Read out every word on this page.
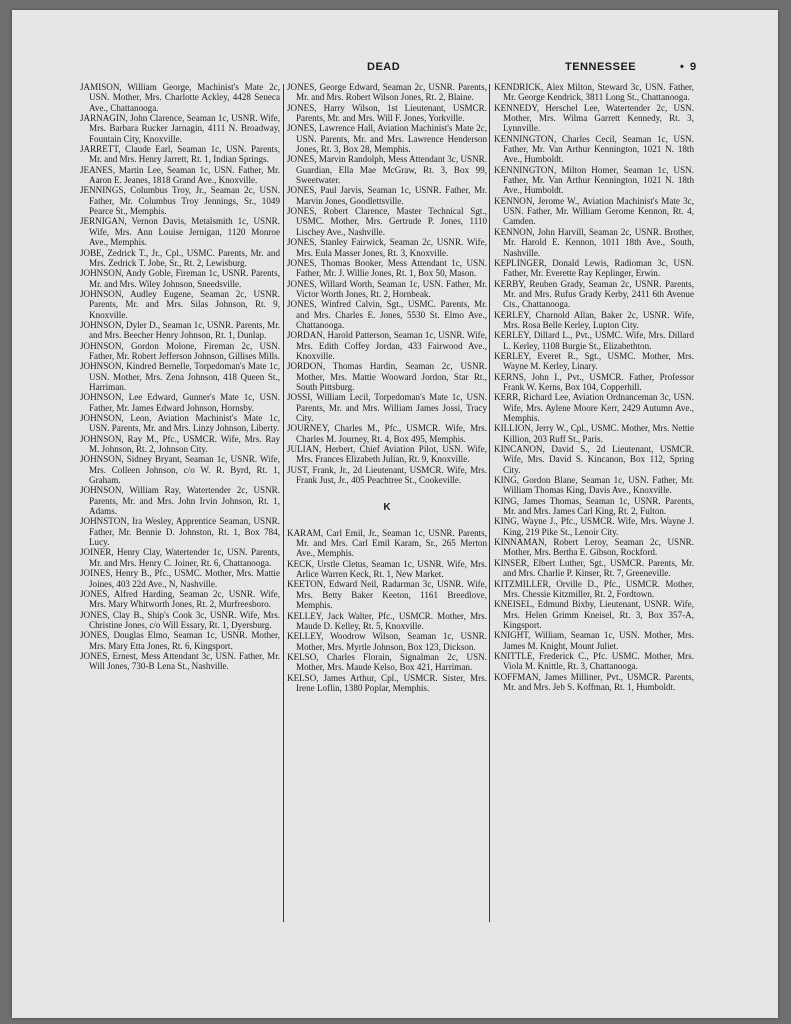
DEAD	TENNESSEE	• 9

JAMISON, William George, Machinist's Mate 2c, USN. Mother, Mrs. Charlotte Ackley, 4428 Seneca Ave., Chattanooga.

JARNAGIN, John Clarence, Seaman 1c, USNR. Wife, Mrs. Barbara Rucker Jarnagin, 4111 N. Broadway, Fountain City, Knoxville.

JARRETT, Claude Earl, Seaman 1c, USN. Parents, Mr. and Mrs. Henry Jarrett, Rt. 1, Indian Springs.

JEANES, Martin Lee, Seaman 1c, USN. Father, Mr. Aaron E. Jeanes, 1818 Grand Ave., Knoxville.

JENNINGS, Columbus Troy, Jr., Seaman 2c, USN. Father, Mr. Columbus Troy Jennings, Sr., 1049 Pearce St., Memphis.

JERNIGAN, Vernon Davis, Metalsmith 1c, USNR. Wife, Mrs. Ann Louise Jernigan, 1120 Monroe Ave., Memphis.

JOBE, Zedrick T., Jr., Cpl., USMC. Parents, Mr. and Mrs. Zedrick T. Jobe, Sr., Rt. 2, Lewisburg.

JOHNSON, Andy Goble, Fireman 1c, USNR. Parents, Mr. and Mrs. Wiley Johnson, Sneedsville.

JOHNSON, Audley Eugene, Seaman 2c, USNR. Parents, Mr. and Mrs. Silas Johnson, Rt. 9, Knoxville.

JOHNSON, Dyler D., Seaman 1c, USNR. Parents, Mr. and Mrs. Beecher Henry Johnson, Rt. 1, Dunlap.

JOHNSON, Gordon Molone, Fireman 2c, USN. Father, Mr. Robert Jefferson Johnson, Gillises Mills.

JOHNSON, Kindred Bernelle, Torpedoman's Mate 1c, USN. Mother, Mrs. Zena Johnson, 418 Queen St., Harriman.

JOHNSON, Lee Edward, Gunner's Mate 1c, USN. Father, Mr. James Edward Johnson, Hornsby.

JOHNSON, Leon, Aviation Machinist's Mate 1c, USN. Parents, Mr. and Mrs. Linzy Johnson, Liberty.

JOHNSON, Ray M., Pfc., USMCR. Wife, Mrs. Ray M. Johnson, Rt. 2, Johnson City.

JOHNSON, Sidney Bryant, Seaman 1c, USNR. Wife, Mrs. Colleen Johnson, c/o W. R. Byrd, Rt. 1, Graham.

JOHNSON, William Ray, Watertender 2c, USNR. Parents, Mr. and Mrs. John Irvin Johnson, Rt. 1, Adams.

JOHNSTON, Ira Wesley, Apprentice Seaman, USNR. Father, Mr. Bennie D. Johnston, Rt. 1, Box 784, Lucy.

JOINER, Henry Clay, Watertender 1c, USN. Parents, Mr. and Mrs. Henry C. Joiner, Rt. 6, Chattanooga.

JOINES, Henry B., Pfc., USMC. Mother, Mrs. Mattie Joines, 403 22d Ave., N, Nashville.

JONES, Alfred Harding, Seaman 2c, USNR. Wife, Mrs. Mary Whitworth Jones, Rt. 2, Murfreesboro.

JONES, Clay B., Ship's Cook 3c, USNR. Wife, Mrs. Christine Jones, c/o Will Essary, Rt. 1, Dyersburg.

JONES, Douglas Elmo, Seaman 1c, USNR. Mother, Mrs. Mary Etta Jones, Rt. 6, Kingsport.

JONES, Ernest, Mess Attendant 3c, USN. Father, Mr. Will Jones, 730-B Lena St., Nashville.

JONES, George Edward, Seaman 2c, USNR. Parents, Mr. and Mrs. Robert Wilson Jones, Rt. 2, Blaine.

JONES, Harry Wilson, 1st Lieutenant, USMCR. Parents, Mr. and Mrs. Will F. Jones, Yorkville.

JONES, Lawrence Hall, Aviation Machinist's Mate 2c, USN. Parents, Mr. and Mrs. Lawrence Henderson Jones, Rt. 3, Box 28, Memphis.

JONES, Marvin Randolph, Mess Attendant 3c, USNR. Guardian, Ella Mae McGraw, Rt. 3, Box 99, Sweetwater.

JONES, Paul Jarvis, Seaman 1c, USNR. Father, Mr. Marvin Jones, Goodlettsville.

JONES, Robert Clarence, Master Technical Sgt., USMC. Mother, Mrs. Gertrude P. Jones, 1110 Lischey Ave., Nashville.

JONES, Stanley Fairwick, Seaman 2c, USNR. Wife, Mrs. Eula Masser Jones, Rt. 3, Knoxville.

JONES, Thomas Booker, Mess Attendant 1c, USN. Father, Mr. J. Willie Jones, Rt. 1, Box 50, Mason.

JONES, Willard Worth, Seaman 1c, USN. Father, Mr. Victor Worth Jones, Rt. 2, Hornbeak.

JONES, Winfred Calvin, Sgt., USMC. Parents, Mr. and Mrs. Charles E. Jones, 5530 St. Elmo Ave., Chattanooga.

JORDAN, Harold Patterson, Seaman 1c, USNR. Wife, Mrs. Edith Coffey Jordan, 433 Fairwood Ave., Knoxville.

JORDON, Thomas Hardin, Seaman 2c, USNR. Mother, Mrs. Mattie Wooward Jordon, Star Rt., South Pittsburg.

JOSSI, William Lecil, Torpedoman's Mate 1c, USN. Parents, Mr. and Mrs. William James Jossi, Tracy City.

JOURNEY, Charles M., Pfc., USMCR. Wife, Mrs. Charles M. Journey, Rt. 4, Box 495, Memphis.

JULIAN, Herbert, Chief Aviation Pilot, USN. Wife, Mrs. Frances Elizabeth Julian, Rt. 9, Knoxville.

JUST, Frank, Jr., 2d Lieutenant, USMCR. Wife, Mrs. Frank Just, Jr., 405 Peachtree St., Cookeville.

K

KARAM, Carl Emil, Jr., Seaman 1c, USNR. Parents, Mr. and Mrs. Carl Emil Karam, Sr., 265 Merton Ave., Memphis.

KECK, Urstle Cletus, Seaman 1c, USNR. Wife, Mrs. Arlice Warren Keck, Rt. 1, New Market.

KEETON, Edward Neil, Radarman 3c, USNR. Wife, Mrs. Betty Baker Keeton, 1161 Breedlove, Memphis.

KELLEY, Jack Walter, Pfc., USMCR. Mother, Mrs. Maude D. Kelley, Rt. 5, Knoxville.

KELLEY, Woodrow Wilson, Seaman 1c, USNR. Mother, Mrs. Myrtle Johnson, Box 123, Dickson.

KELSO, Charles Florain, Signalman 2c, USN. Mother, Mrs. Maude Kelso, Box 421, Harriman.

KELSO, James Arthur, Cpl., USMCR. Sister, Mrs. Irene Loflin, 1380 Poplar, Memphis.

KENDRICK, Alex Milton, Steward 3c, USN. Father, Mr. George Kendrick, 3811 Long St., Chattanooga.

KENNEDY, Herschel Lee, Watertender 2c, USN. Mother, Mrs. Wilma Garrett Kennedy, Rt. 3, Lynnville.

KENNINGTON, Charles Cecil, Seaman 1c, USN. Father, Mr. Van Arthur Kennington, 1021 N. 18th Ave., Humboldt.

KENNINGTON, Milton Homer, Seaman 1c, USN. Father, Mr. Van Arthur Kennington, 1021 N. 18th Ave., Humboldt.

KENNON, Jerome W., Aviation Machinist's Mate 3c, USN. Father, Mr. William Gerome Kennon, Rt. 4, Camden.

KENNON, John Harvill, Seaman 2c, USNR. Brother, Mr. Harold E. Kennon, 1011 18th Ave., South, Nashville.

KEPLINGER, Donald Lewis, Radioman 3c, USN. Father, Mr. Everette Ray Keplinger, Erwin.

KERBY, Reuben Grady, Seaman 2c, USNR. Parents, Mr. and Mrs. Rufus Grady Kerby, 2411 6th Avenue Cts., Chattanooga.

KERLEY, Charnold Allan, Baker 2c, USNR. Wife, Mrs. Rosa Belle Kerley, Lupton City.

KERLEY, Dillard L., Pvt., USMC. Wife, Mrs. Dillard L. Kerley, 1108 Burgie St., Elizabethton.

KERLEY, Everet R., Sgt., USMC. Mother, Mrs. Wayne M. Kerley, Linary.

KERNS, John I., Pvt., USMCR. Father, Professor Frank W. Kerns, Box 104, Copperhill.

KERR, Richard Lee, Aviation Ordnanceman 3c, USN. Wife, Mrs. Aylene Moore Kerr, 2429 Autumn Ave., Memphis.

KILLION, Jerry W., Cpl., USMC. Mother, Mrs. Nettie Killion, 203 Ruff St., Paris.

KINCANON, David S., 2d Lieutenant, USMCR. Wife, Mrs. David S. Kincanon, Box 112, Spring City.

KING, Gordon Blane, Seaman 1c, USN. Father, Mr. William Thomas King, Davis Ave., Knoxville.

KING, James Thomas, Seaman 1c, USNR. Parents, Mr. and Mrs. James Carl King, Rt. 2, Fulton.

KING, Wayne J., Pfc., USMCR. Wife, Mrs. Wayne J. King, 219 Pike St., Lenoir City.

KINNAMAN, Robert Leroy, Seaman 2c, USNR. Mother, Mrs. Bertha E. Gibson, Rockford.

KINSER, Elbert Luther, Sgt., USMCR. Parents, Mr. and Mrs. Charlie P. Kinser, Rt. 7, Greeneville.

KITZMILLER, Orville D., Pfc., USMCR. Mother, Mrs. Chessie Kitzmiller, Rt. 2, Fordtown.

KNEISEL, Edmund Bixby, Lieutenant, USNR. Wife, Mrs. Helen Grimm Kneisel, Rt. 3, Box 357-A, Kingsport.

KNIGHT, William, Seaman 1c, USN. Mother, Mrs. James M. Knight, Mount Juliet.

KNITTLE, Frederick C., Pfc. USMC. Mother, Mrs. Viola M. Knittle, Rt. 3, Chattanooga.

KOFFMAN, James Milliner, Pvt., USMCR. Parents, Mr. and Mrs. Jeb S. Koffman, Rt. 1, Humboldt.
